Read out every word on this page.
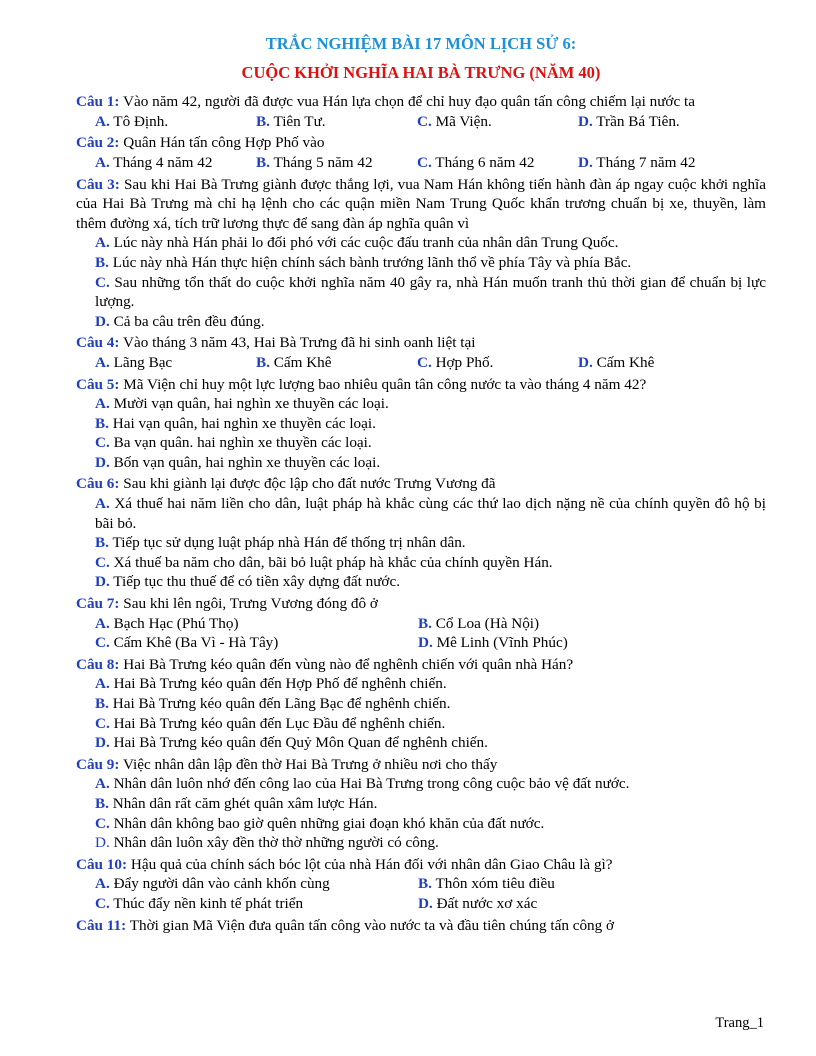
TRẮC NGHIỆM BÀI 17 MÔN LỊCH SỬ 6:
CUỘC KHỞI NGHĨA HAI BÀ TRƯNG (NĂM 40)
Câu 1: Vào năm 42, người đã được vua Hán lựa chọn để chỉ huy đạo quân tấn công chiếm lại nước ta
A. Tô Định.	B. Tiên Tư.	C. Mã Viện.	D. Trần Bá Tiên.
Câu 2: Quân Hán tấn công Hợp Phố vào
A. Tháng 4 năm 42	B. Tháng 5 năm 42	C. Tháng 6 năm 42	D. Tháng 7 năm 42
Câu 3: Sau khi Hai Bà Trưng giành được thắng lợi, vua Nam Hán không tiến hành đàn áp ngay cuộc khởi nghĩa của Hai Bà Trưng mà chỉ hạ lệnh cho các quận miền Nam Trung Quốc khẩn trương chuẩn bị xe, thuyền, làm thêm đường xá, tích trữ lương thực để sang đàn áp nghĩa quân vì
A. Lúc này nhà Hán phải lo đối phó với các cuộc đấu tranh của nhân dân Trung Quốc.
B. Lúc này nhà Hán thực hiện chính sách bành trướng lãnh thổ về phía Tây và phía Bắc.
C. Sau những tổn thất do cuộc khởi nghĩa năm 40 gây ra, nhà Hán muốn tranh thủ thời gian để chuẩn bị lực lượng.
D. Cả ba câu trên đều đúng.
Câu 4: Vào tháng 3 năm 43, Hai Bà Trưng đã hi sinh oanh liệt tại
A. Lãng Bạc	B. Cấm Khê	C. Hợp Phố.	D. Cấm Khê
Câu 5: Mã Viện chỉ huy một lực lượng bao nhiêu quân tân công nước ta vào tháng 4 năm 42?
A. Mười vạn quân, hai nghìn xe thuyền các loại.
B. Hai vạn quân, hai nghìn xe thuyền các loại.
C. Ba vạn quân. hai nghìn xe thuyền các loại.
D. Bốn vạn quân, hai nghìn xe thuyền các loại.
Câu 6: Sau khi giành lại được độc lập cho đất nước Trưng Vương đã
A. Xá thuế hai năm liền cho dân, luật pháp hà khắc cùng các thứ lao dịch nặng nề của chính quyền đô hộ bị bãi bỏ.
B. Tiếp tục sử dụng luật pháp nhà Hán để thống trị nhân dân.
C. Xá thuế ba năm cho dân, bãi bỏ luật pháp hà khắc của chính quyền Hán.
D. Tiếp tục thu thuế để có tiền xây dựng đất nước.
Câu 7: Sau khi lên ngôi, Trưng Vương đóng đô ở
A. Bạch Hạc (Phú Thọ)	B. Cổ Loa (Hà Nội)
C. Cấm Khê (Ba Vì - Hà Tây)	D. Mê Linh (Vĩnh Phúc)
Câu 8: Hai Bà Trưng kéo quân đến vùng nào để nghênh chiến với quân nhà Hán?
A. Hai Bà Trưng kéo quân đến Hợp Phố để nghênh chiến.
B. Hai Bà Trưng kéo quân đến Lãng Bạc để nghênh chiến.
C. Hai Bà Trưng kéo quân đến Lục Đầu để nghênh chiến.
D. Hai Bà Trưng kéo quân đến Quỷ Môn Quan để nghênh chiến.
Câu 9: Việc nhân dân lập đền thờ Hai Bà Trưng ở nhiều nơi cho thấy
A. Nhân dân luôn nhớ đến công lao của Hai Bà Trưng trong công cuộc bảo vệ đất nước.
B. Nhân dân rất căm ghét quân xâm lược Hán.
C. Nhân dân không bao giờ quên những giai đoạn khó khăn của đất nước.
D. Nhân dân luôn xây đền thờ thờ những người có công.
Câu 10: Hậu quả của chính sách bóc lột của nhà Hán đối với nhân dân Giao Châu là gì?
A. Đẩy người dân vào cảnh khốn cùng	B. Thôn xóm tiêu điều
C. Thúc đẩy nền kinh tế phát triển	D. Đất nước xơ xác
Câu 11: Thời gian Mã Viện đưa quân tấn công vào nước ta và đầu tiên chúng tấn công ở
Trang_1
